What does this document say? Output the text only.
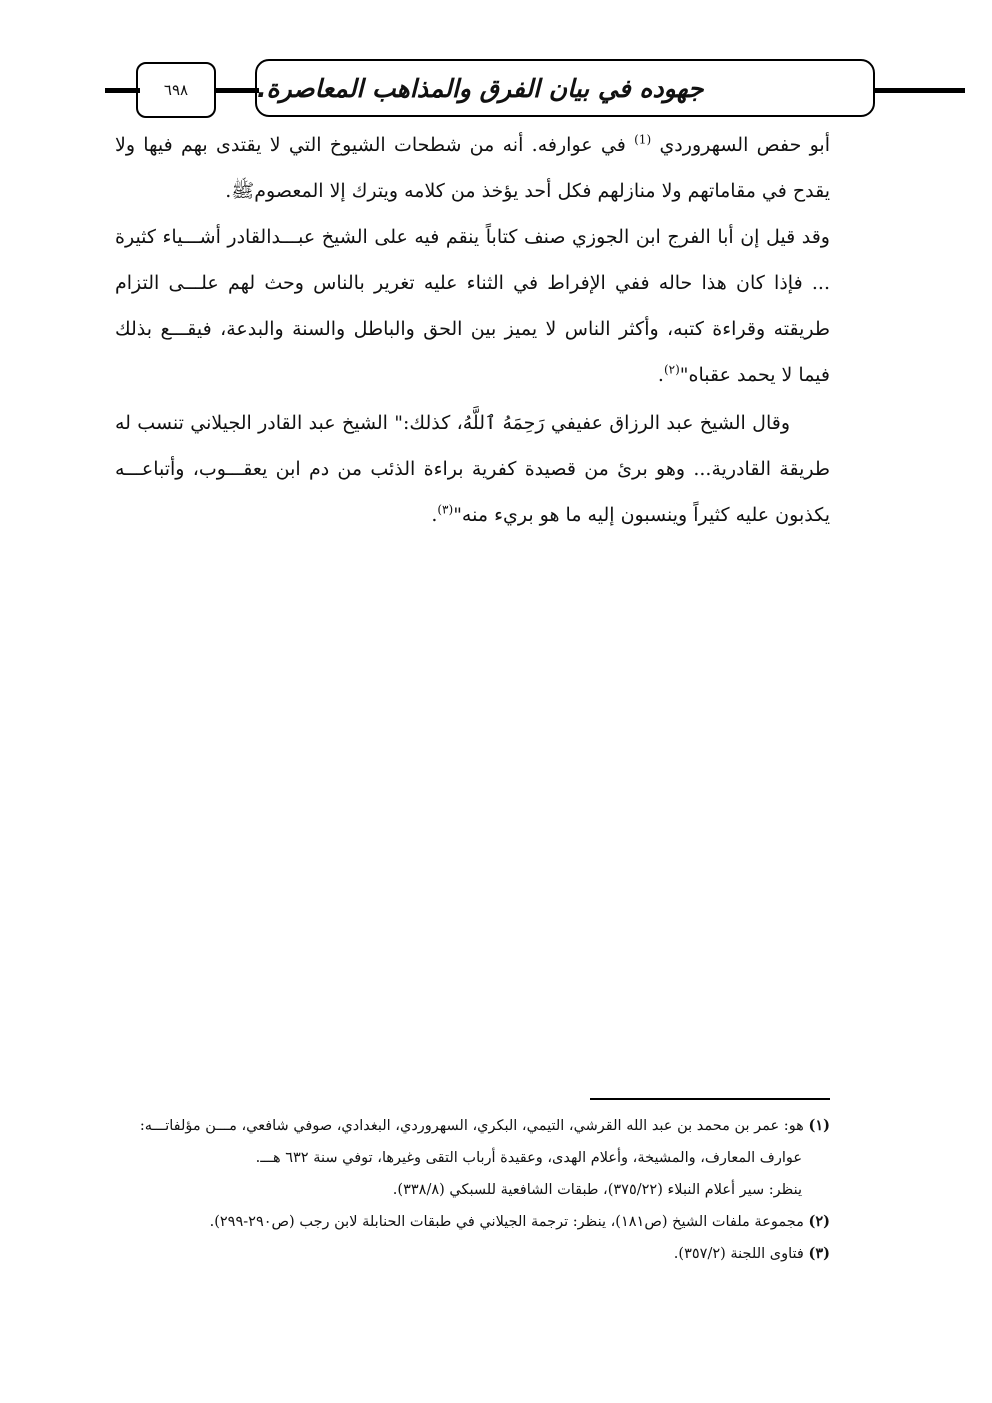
٦٩٨	جهوده في بيان الفرق والمذاهب المعاصرة.

أبو حفص السهروردي $^{(1)}$ في عوارفه. أنه من شطحات الشيوخ التي لا يقتدى بهم فيها ولا يقدح في مقاماتهم ولا منازلهم فكل أحد يؤخذ من كلامه ويترك إلا المعصومﷺ.

وقد قيل إن أبا الفرج ابن الجوزي صنف كتاباً ينقم فيه على الشيخ عبـــدالقادر أشـــياء كثيرة ... فإذا كان هذا حاله ففي الإفراط في الثناء عليه تغرير بالناس وحث لهم علـــى التزام طريقته وقراءة كتبه، وأكثر الناس لا يميز بين الحق والباطل والسنة والبدعة، فيقـــع بذلك فيما لا يحمد عقباه"$^{(٢)}$.

وقال الشيخ عبد الرزاق عفيفي رَحِمَهُ ٱللَّهُ، كذلك:" الشيخ عبد القادر الجيلاني تنسب له طريقة القادرية... وهو برئ من قصيدة كفرية براءة الذئب من دم ابن يعقـــوب، وأتباعـــه يكذبون عليه كثيراً وينسبون إليه ما هو بريء منه"$^{(٣)}$.

(١) هو: عمر بن محمد بن عبد الله القرشي، التيمي، البكري، السهروردي، البغدادي، صوفي شافعي، مـــن مؤلفاتـــه:

عوارف المعارف، والمشيخة، وأعلام الهدى، وعقيدة أرباب التقى وغيرها، توفي سنة ٦٣٢ هـــ.

ينظر: سير أعلام النبلاء (٣٧٥/٢٢)، طبقات الشافعية للسبكي (٣٣٨/٨).

(٢) مجموعة ملفات الشيخ (ص١٨١)، ينظر: ترجمة الجيلاني في طبقات الحنابلة لابن رجب (ص٢٩٠-٢٩٩).

(٣) فتاوى اللجنة (٣٥٧/٢).
